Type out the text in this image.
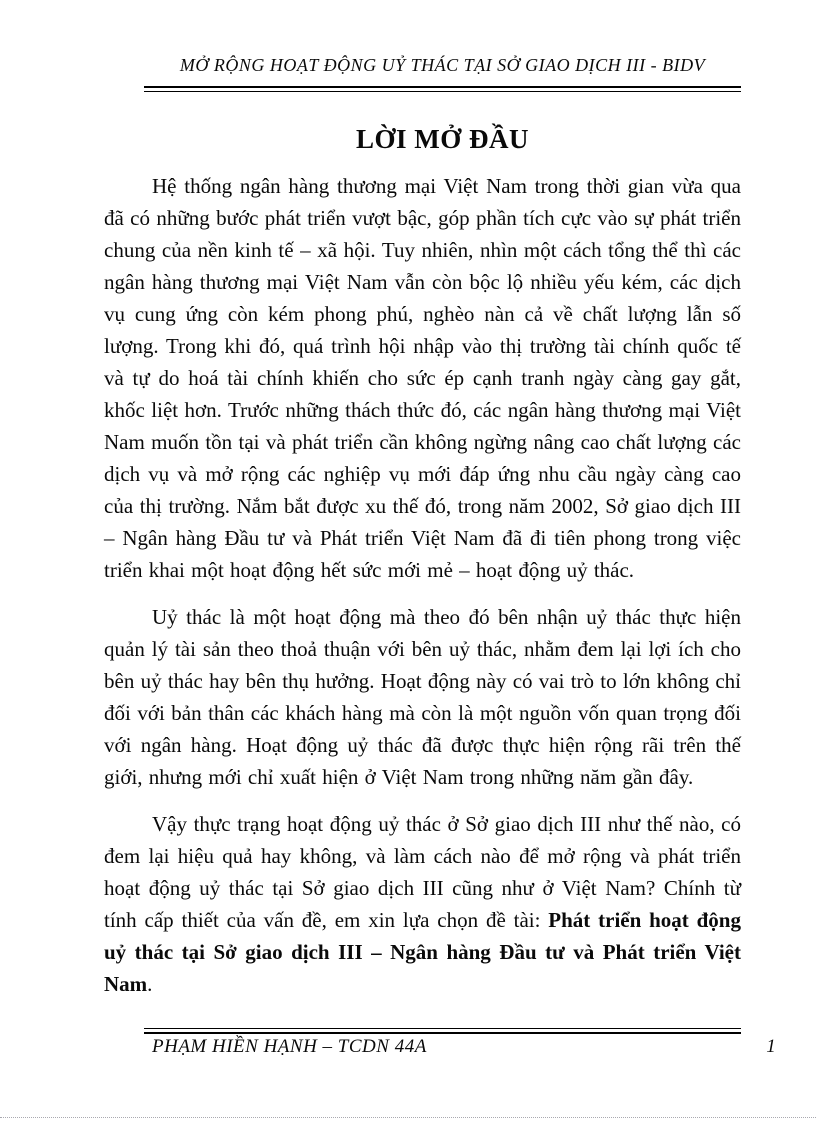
MỞ RỘNG HOẠT ĐỘNG UỶ THÁC TẠI SỞ GIAO DỊCH III - BIDV
LỜI MỞ ĐẦU

Hệ thống ngân hàng thương mại Việt Nam trong thời gian vừa qua đã có những bước phát triển vượt bậc, góp phần tích cực vào sự phát triển chung của nền kinh tế – xã hội. Tuy nhiên, nhìn một cách tổng thể thì các ngân hàng thương mại Việt Nam vẫn còn bộc lộ nhiều yếu kém, các dịch vụ cung ứng còn kém phong phú, nghèo nàn cả về chất lượng lẫn số lượng. Trong khi đó, quá trình hội nhập vào thị trường tài chính quốc tế và tự do hoá tài chính khiến cho sức ép cạnh tranh ngày càng gay gắt, khốc liệt hơn. Trước những thách thức đó, các ngân hàng thương mại Việt Nam muốn tồn tại và phát triển cần không ngừng nâng cao chất lượng các dịch vụ và mở rộng các nghiệp vụ mới đáp ứng nhu cầu ngày càng cao của thị trường. Nắm bắt được xu thế đó, trong năm 2002, Sở giao dịch III – Ngân hàng Đầu tư và Phát triển Việt Nam đã đi tiên phong trong việc triển khai một hoạt động hết sức mới mẻ – hoạt động uỷ thác.

Uỷ thác là một hoạt động mà theo đó bên nhận uỷ thác thực hiện quản lý tài sản theo thoả thuận với bên uỷ thác, nhằm đem lại lợi ích cho bên uỷ thác hay bên thụ hưởng. Hoạt động này có vai trò to lớn không chỉ đối với bản thân các khách hàng mà còn là một nguồn vốn quan trọng đối với ngân hàng. Hoạt động uỷ thác đã được thực hiện rộng rãi trên thế giới, nhưng mới chỉ xuất hiện ở Việt Nam trong những năm gần đây.

Vậy thực trạng hoạt động uỷ thác ở Sở giao dịch III như thế nào, có đem lại hiệu quả hay không, và làm cách nào để mở rộng và phát triển hoạt động uỷ thác tại Sở giao dịch III cũng như ở Việt Nam? Chính từ tính cấp thiết của vấn đề, em xin lựa chọn đề tài: Phát triển hoạt động uỷ thác tại Sở giao dịch III – Ngân hàng Đầu tư và Phát triển Việt Nam.

PHẠM HIỀN HẠNH – TCDN 44A	1
